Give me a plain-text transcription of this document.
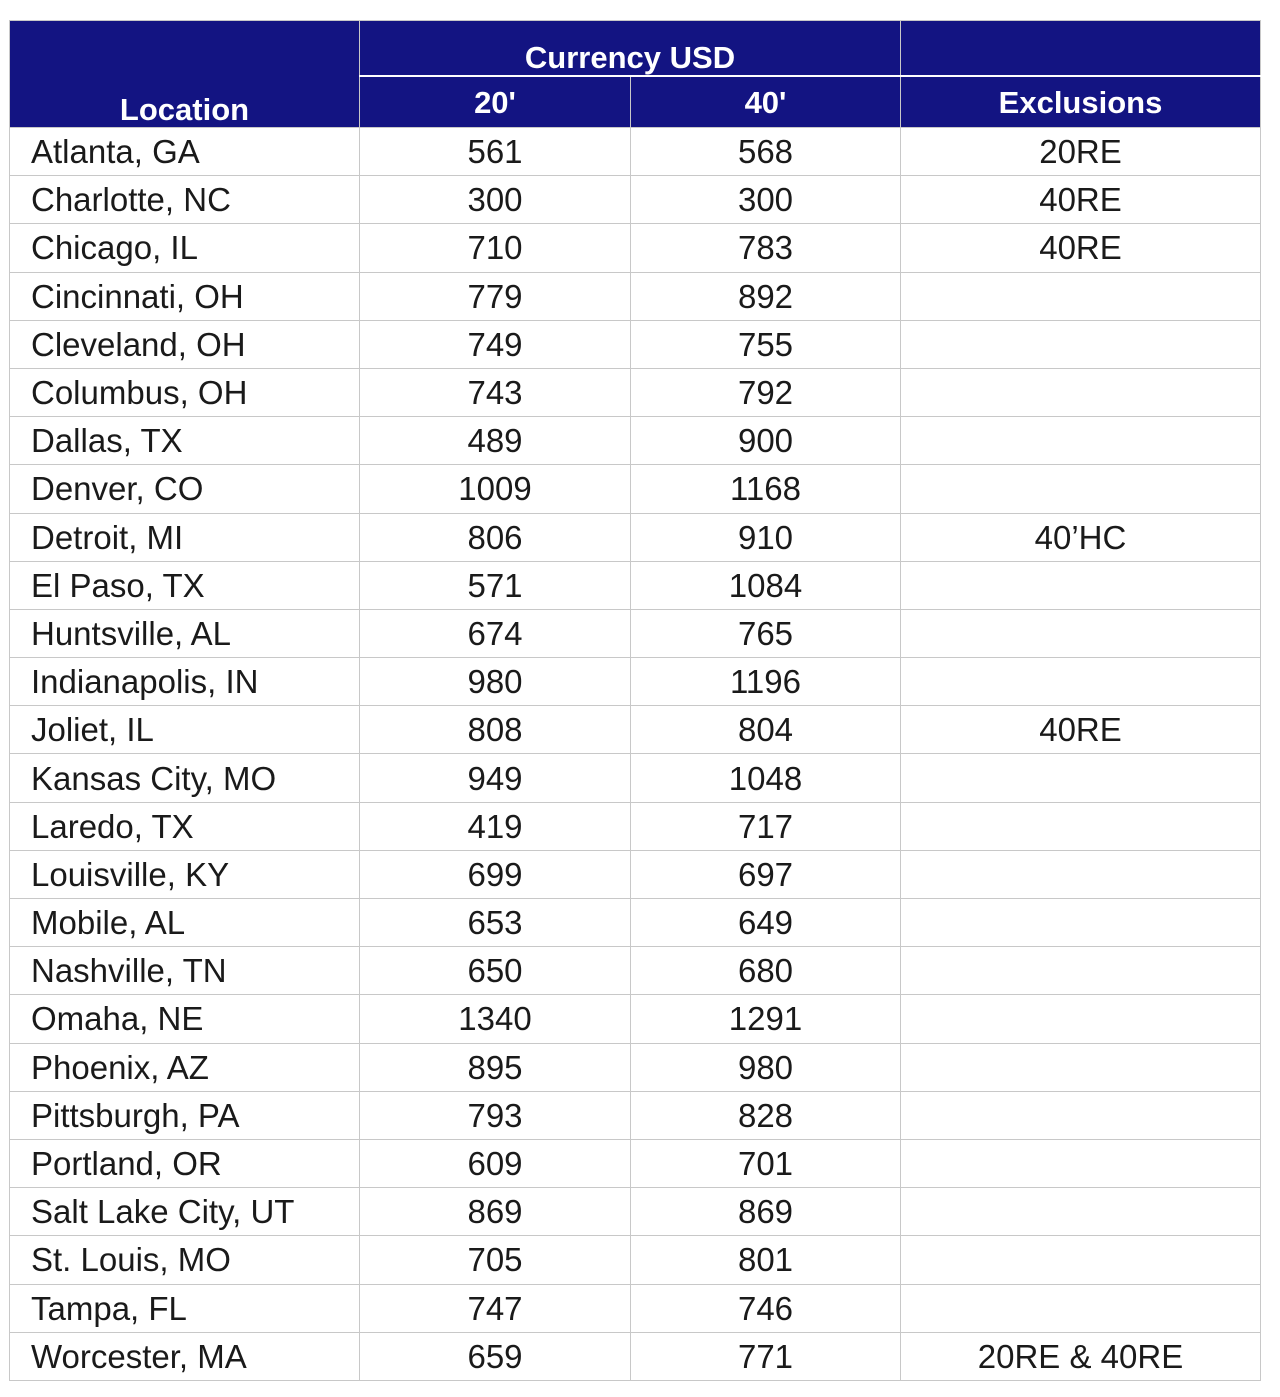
Location	Currency USD		
	20'	40'	Exclusions
Atlanta, GA	561	568	20RE
Charlotte, NC	300	300	40RE
Chicago, IL	710	783	40RE
Cincinnati, OH	779	892	
Cleveland, OH	749	755	
Columbus, OH	743	792	
Dallas, TX	489	900	
Denver, CO	1009	1168	
Detroit, MI	806	910	40’HC
El Paso, TX	571	1084	
Huntsville, AL	674	765	
Indianapolis, IN	980	1196	
Joliet, IL	808	804	40RE
Kansas City, MO	949	1048	
Laredo, TX	419	717	
Louisville, KY	699	697	
Mobile, AL	653	649	
Nashville, TN	650	680	
Omaha, NE	1340	1291	
Phoenix, AZ	895	980	
Pittsburgh, PA	793	828	
Portland, OR	609	701	
Salt Lake City, UT	869	869	
St. Louis, MO	705	801	
Tampa, FL	747	746	
Worcester, MA	659	771	20RE & 40RE
